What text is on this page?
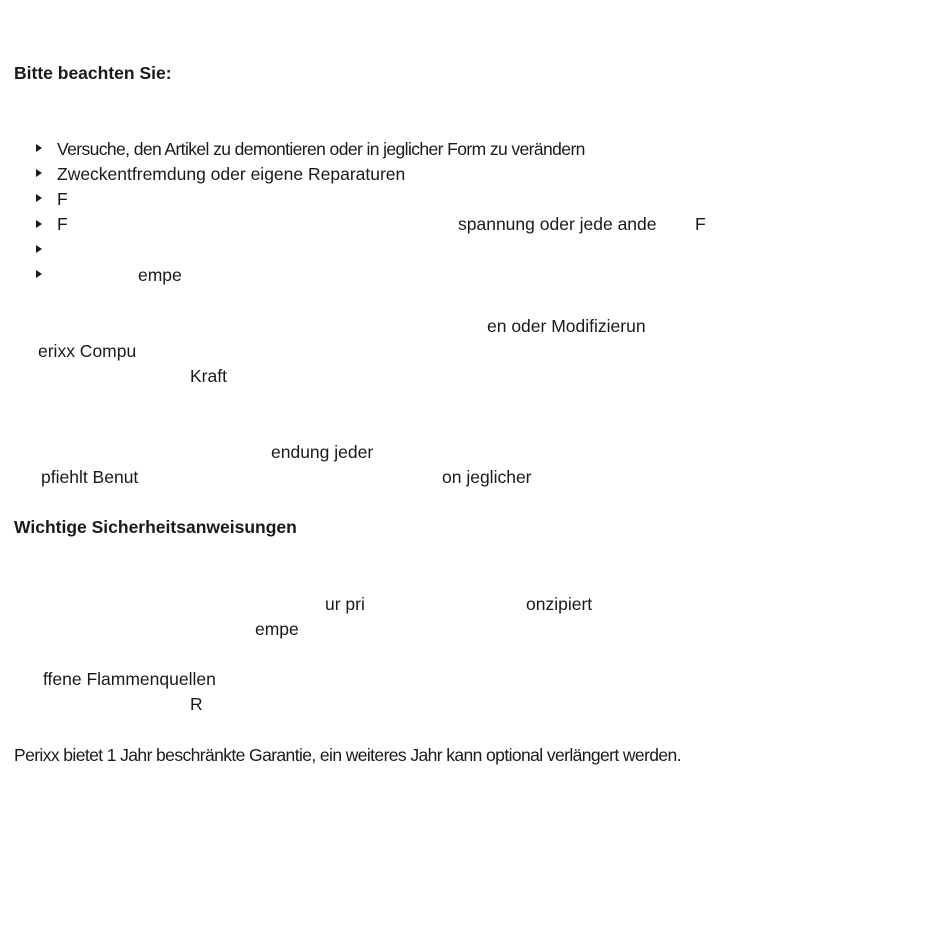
Bitte beachten Sie:
Versuche, den Artikel zu demontieren oder in jeglicher Form zu verändern
Zweckentfremdung oder eigene Reparaturen
F
F	spannung oder jede ande F
empe
en oder Modifizierun
erixx Compu
Kraft
endung jeder
pfiehlt Benut	on jeglicher
Wichtige Sicherheitsanweisungen
ur pri	onzipiert
empe
ffene Flammenquellen
R
Perixx bietet 1 Jahr beschränkte Garantie, ein weiteres Jahr kann optional verlängert werden.
